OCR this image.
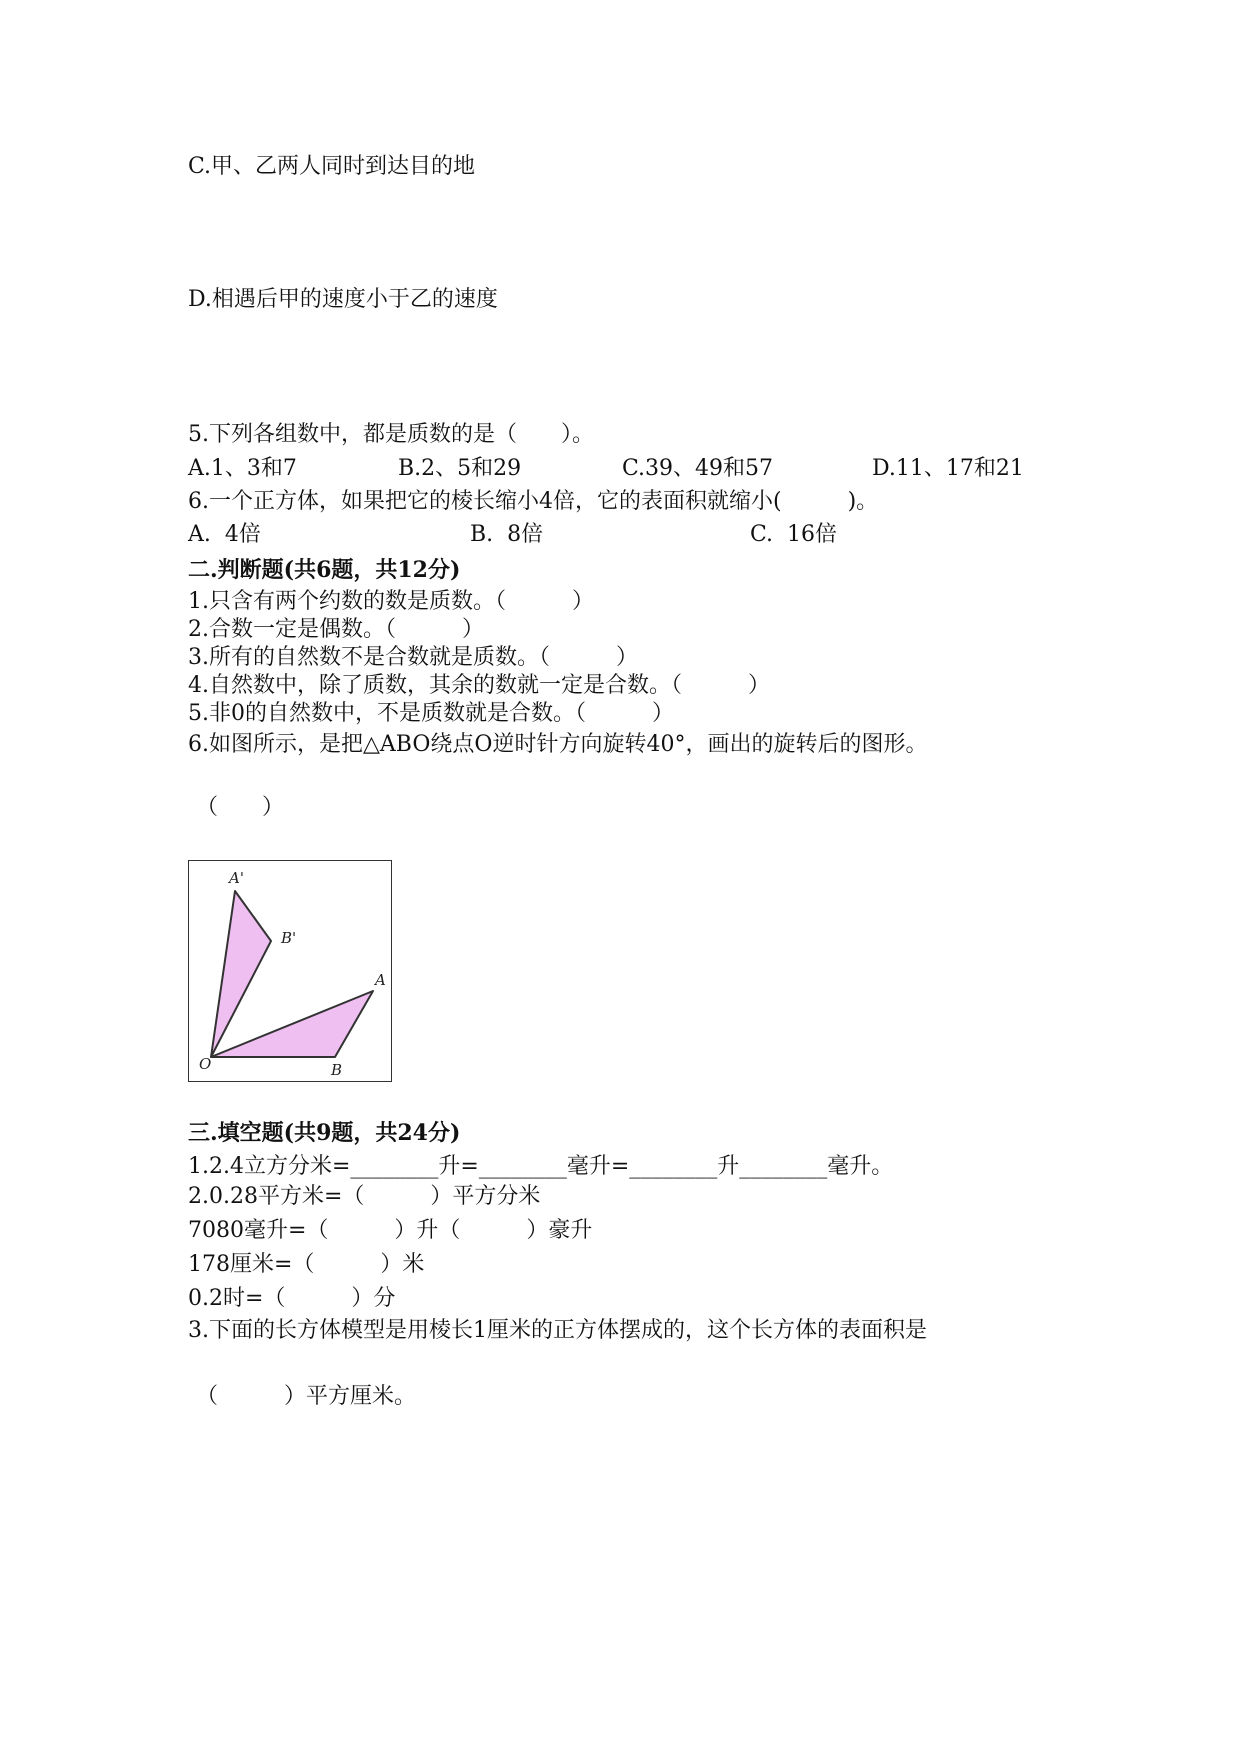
C.甲、乙两人同时到达目的地
D.相遇后甲的速度小于乙的速度
5.下列各组数中，都是质数的是（　　）。
A.1、3和7	B.2、5和29	C.39、49和57	D.11、17和21
6.一个正方体，如果把它的棱长缩小4倍，它的表面积就缩小(　　　)。
A.  4倍	B.  8倍	C.  16倍
二.判断题(共6题，共12分)
1.只含有两个约数的数是质数。（　　　）
2.合数一定是偶数。（　　　）
3.所有的自然数不是合数就是质数。（　　　）
4.自然数中，除了质数，其余的数就一定是合数。（　　　）
5.非0的自然数中，不是质数就是合数。（　　　）
6.如图所示，是把△ABO绕点O逆时针方向旋转40°，画出的旋转后的图形。
（　　）
A'
B'
A
B
O
三.填空题(共9题，共24分)
1.2.4立方分米=________升=________毫升=________升________毫升。
2.0.28平方米=（　　　）平方分米
7080毫升=（　　　）升（　　　）豪升
178厘米=（　　　）米
0.2时=（　　　）分
3.下面的长方体模型是用棱长1厘米的正方体摆成的，这个长方体的表面积是
（　　　）平方厘米。
